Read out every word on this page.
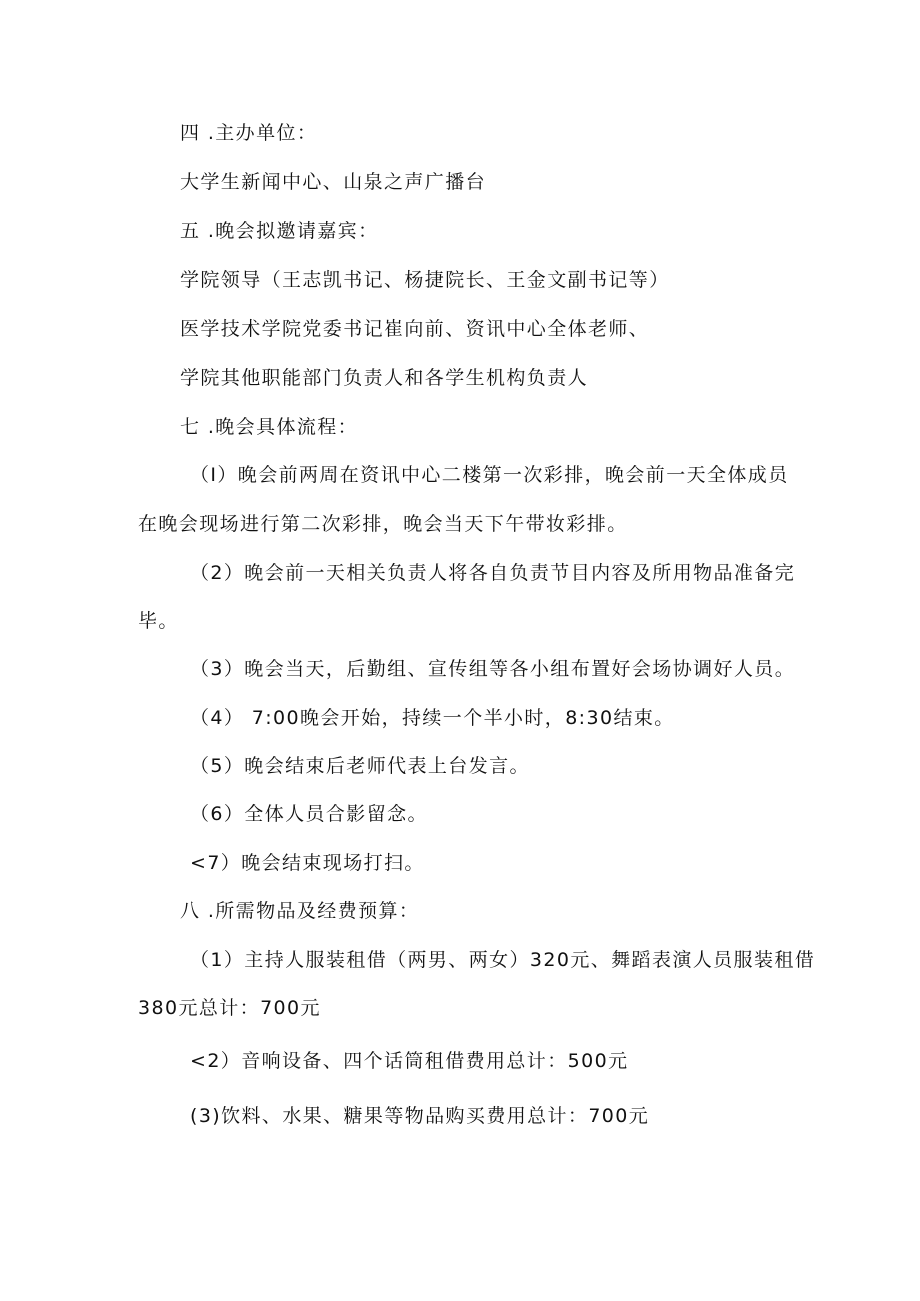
四 .主办单位：
大学生新闻中心、山泉之声广播台
五 .晚会拟邀请嘉宾：
学院领导（王志凯书记、杨捷院长、王金文副书记等）
医学技术学院党委书记崔向前、资讯中心全体老师、
学院其他职能部门负责人和各学生机构负责人
七 .晚会具体流程：
（I）晚会前两周在资讯中心二楼第一次彩排，晚会前一天全体成员
在晚会现场进行第二次彩排，晚会当天下午带妆彩排。
（2）晚会前一天相关负责人将各自负责节目内容及所用物品准备完
毕。
（3）晚会当天，后勤组、宣传组等各小组布置好会场协调好人员。
（4） 7:00晚会开始，持续一个半小时，8:30结束。
（5）晚会结束后老师代表上台发言。
（6）全体人员合影留念。
<7）晚会结束现场打扫。
八 .所需物品及经费预算：
（1）主持人服装租借（两男、两女）320元、舞蹈表演人员服装租借
380元总计：700元
<2）音响设备、四个话筒租借费用总计：500元
(3)饮料、水果、糖果等物品购买费用总计：700元
